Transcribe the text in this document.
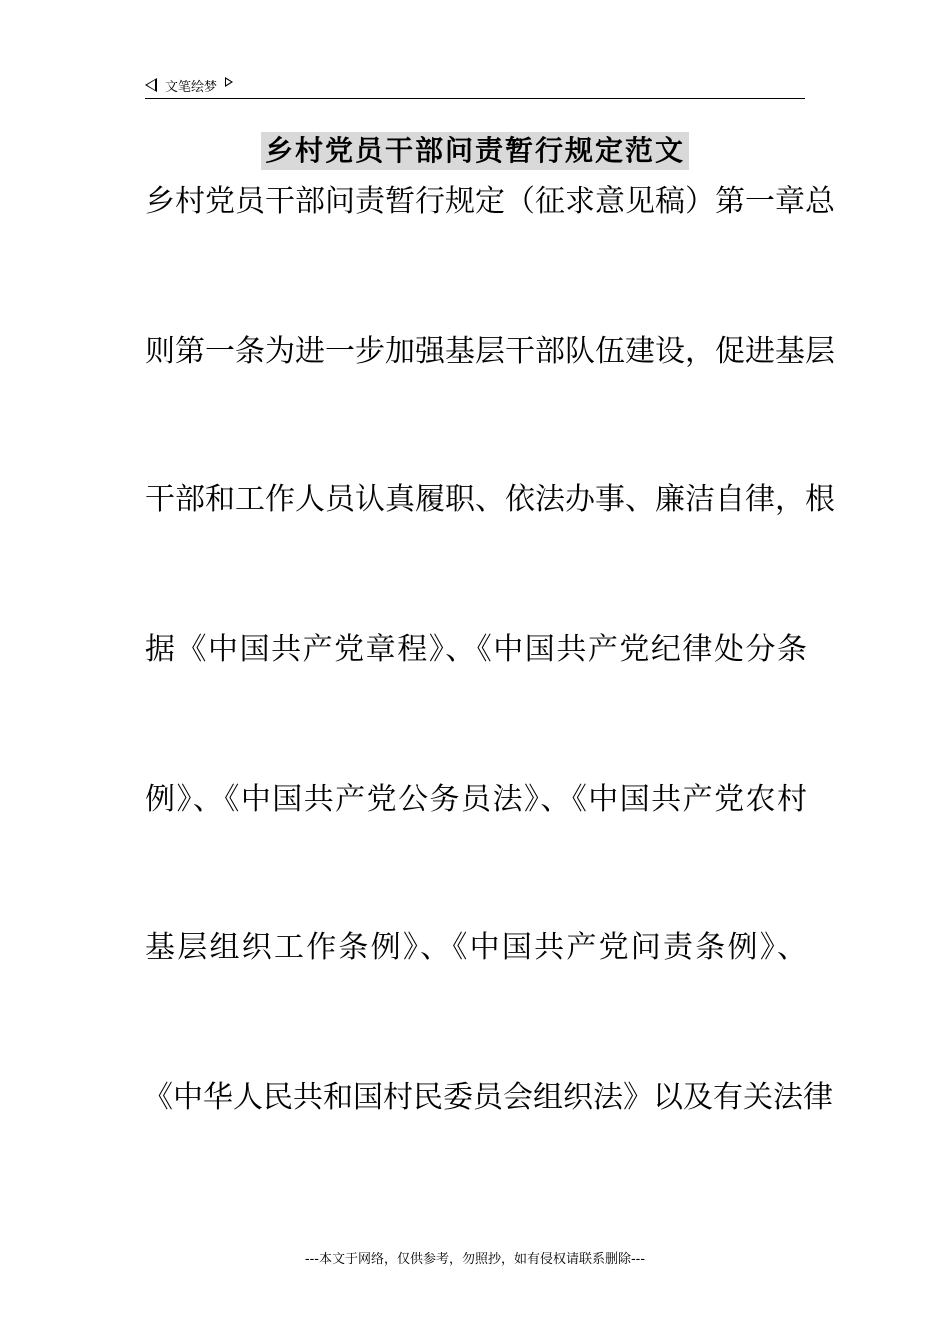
文笔绘梦
乡村党员干部问责暂行规定范文
乡村党员干部问责暂行规定（征求意见稿）第一章总
则第一条为进一步加强基层干部队伍建设，促进基层
干部和工作人员认真履职、依法办事、廉洁自律，根
据《中国共产党章程》、《中国共产党纪律处分条
例》、《中国共产党公务员法》、《中国共产党农村
基层组织工作条例》、《中国共产党问责条例》、
《中华人民共和国村民委员会组织法》以及有关法律
---本文于网络，仅供参考，勿照抄，如有侵权请联系删除---
